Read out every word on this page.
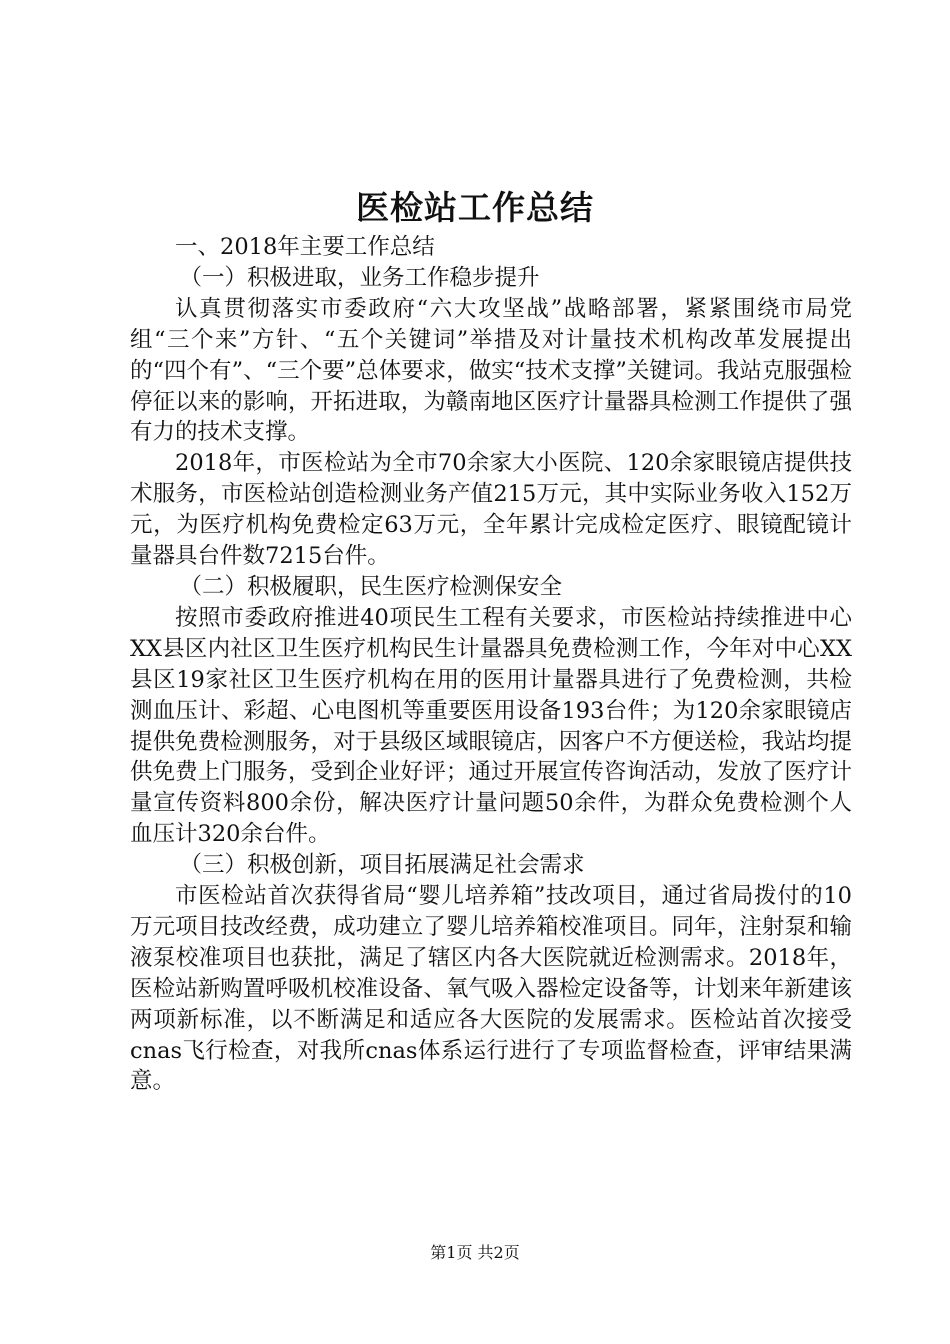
医检站工作总结

一、2018年主要工作总结

（一）积极进取，业务工作稳步提升

认真贯彻落实市委政府“六大攻坚战”战略部署，紧紧围绕市局党组“三个来”方针、“五个关键词”举措及对计量技术机构改革发展提出的“四个有”、“三个要”总体要求，做实“技术支撑”关键词。我站克服强检停征以来的影响，开拓进取，为赣南地区医疗计量器具检测工作提供了强有力的技术支撑。

2018年，市医检站为全市70余家大小医院、120余家眼镜店提供技术服务，市医检站创造检测业务产值215万元，其中实际业务收入152万元，为医疗机构免费检定63万元，全年累计完成检定医疗、眼镜配镜计量器具台件数7215台件。

（二）积极履职，民生医疗检测保安全

按照市委政府推进40项民生工程有关要求，市医检站持续推进中心XX县区内社区卫生医疗机构民生计量器具免费检测工作，今年对中心XX县区19家社区卫生医疗机构在用的医用计量器具进行了免费检测，共检测血压计、彩超、心电图机等重要医用设备193台件；为120余家眼镜店提供免费检测服务，对于县级区域眼镜店，因客户不方便送检，我站均提供免费上门服务，受到企业好评；通过开展宣传咨询活动，发放了医疗计量宣传资料800余份，解决医疗计量问题50余件，为群众免费检测个人血压计320余台件。

（三）积极创新，项目拓展满足社会需求

市医检站首次获得省局“婴儿培养箱”技改项目，通过省局拨付的10万元项目技改经费，成功建立了婴儿培养箱校准项目。同年，注射泵和输液泵校准项目也获批，满足了辖区内各大医院就近检测需求。2018年，医检站新购置呼吸机校准设备、氧气吸入器检定设备等，计划来年新建该两项新标准，以不断满足和适应各大医院的发展需求。医检站首次接受cnas飞行检查，对我所cnas体系运行进行了专项监督检查，评审结果满意。

第1页 共2页
